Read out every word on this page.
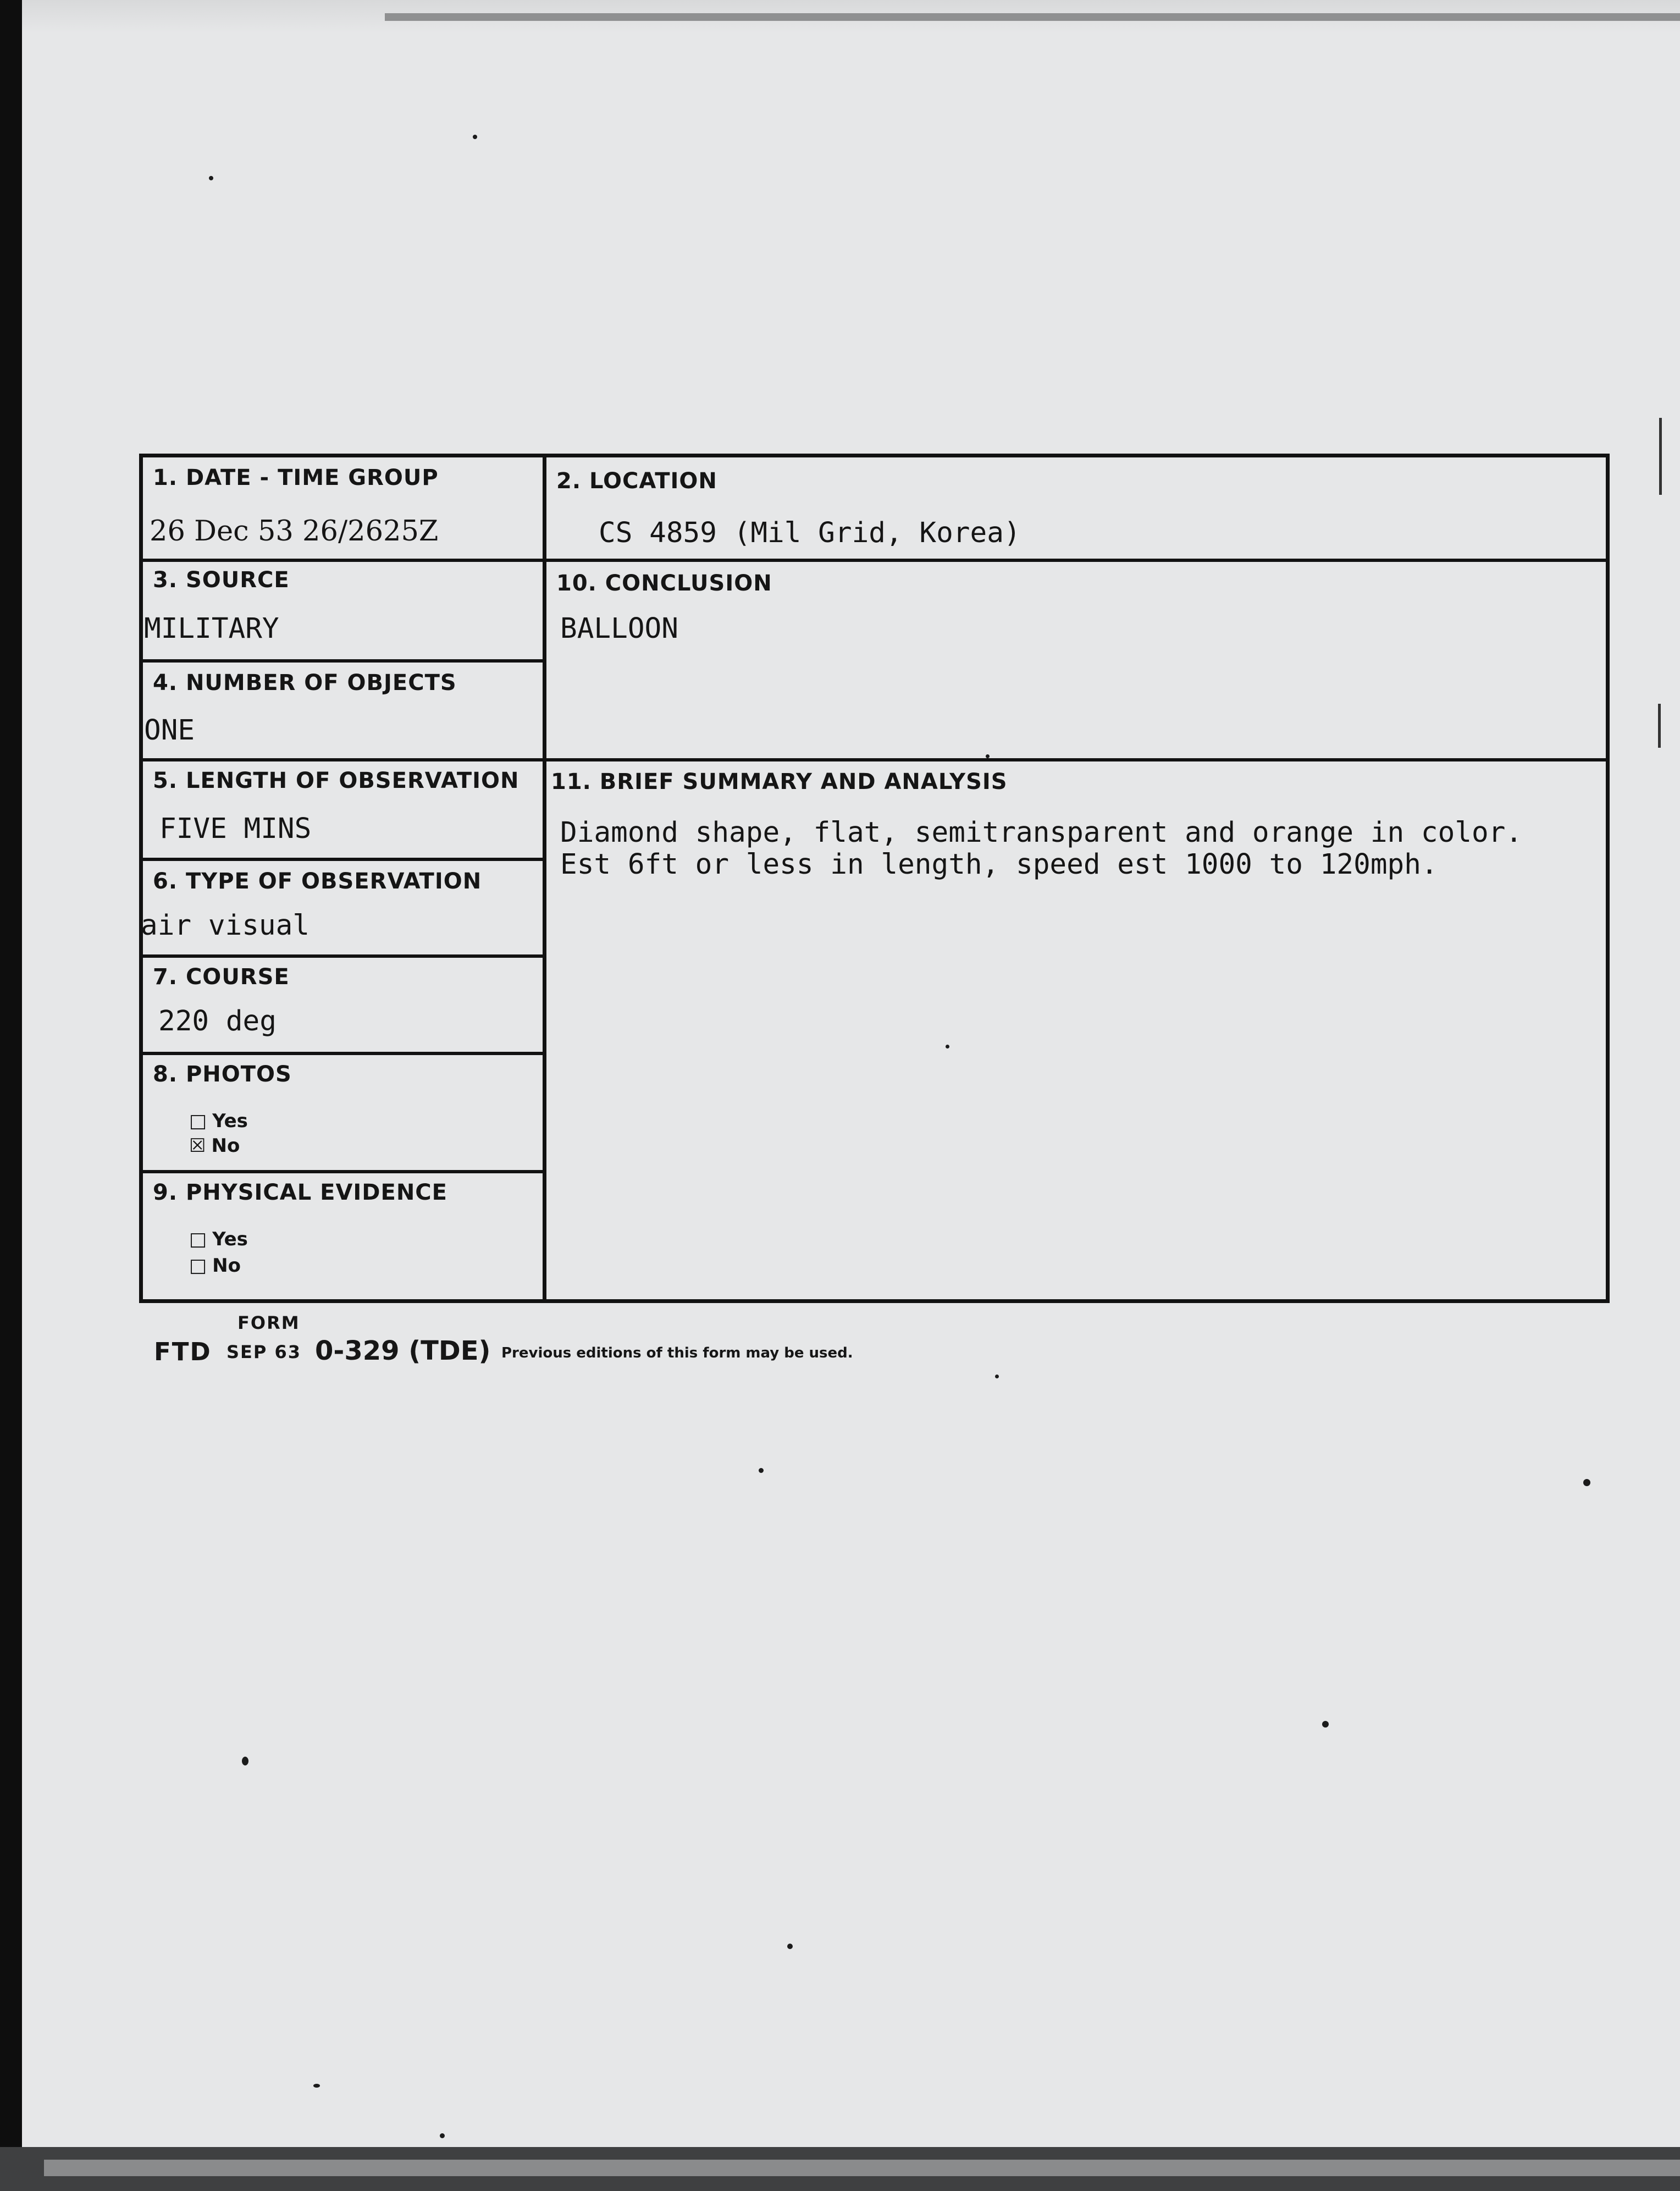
1. DATE - TIME GROUP
26 Dec 53 26/2625Z
2. LOCATION
CS 4859 (Mil Grid, Korea)
3. SOURCE
MILITARY
10. CONCLUSION
BALLOON
4. NUMBER OF OBJECTS
ONE
5. LENGTH OF OBSERVATION
FIVE MINS
11. BRIEF SUMMARY AND ANALYSIS
Diamond shape, flat, semitransparent and orange in color.
Est 6ft or less in length, speed est 1000 to 120mph.
6. TYPE OF OBSERVATION
air visual
7. COURSE
220 deg
8. PHOTOS
□ Yes
☒ No
9. PHYSICAL EVIDENCE
□ Yes
□ No
FORM
FTD SEP 63 0-329 (TDE) Previous editions of this form may be used.
